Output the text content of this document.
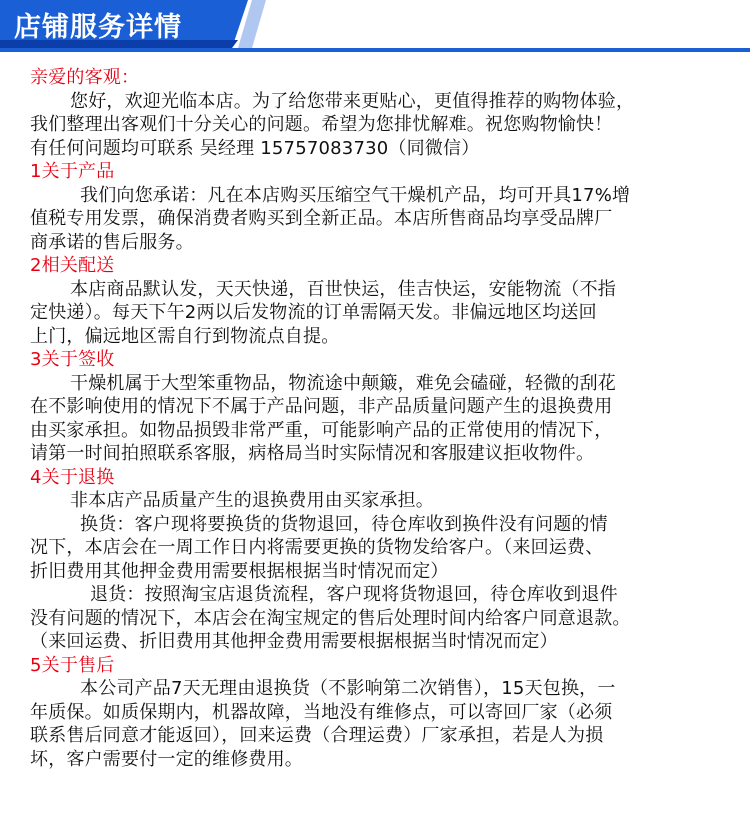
店铺服务详情
亲爱的客观：
您好，欢迎光临本店。为了给您带来更贴心，更值得推荐的购物体验，
我们整理出客观们十分关心的问题。希望为您排忧解难。祝您购物愉快！
有任何问题均可联系 吴经理 15757083730（同微信）
1关于产品
我们向您承诺：凡在本店购买压缩空气干燥机产品，均可开具17%增
值税专用发票，确保消费者购买到全新正品。本店所售商品均享受品牌厂
商承诺的售后服务。
2相关配送
本店商品默认发，天天快递，百世快运，佳吉快运，安能物流（不指
定快递）。每天下午2两以后发物流的订单需隔天发。非偏远地区均送回
上门，偏远地区需自行到物流点自提。
3关于签收
干燥机属于大型笨重物品，物流途中颠簸，难免会磕碰，轻微的刮花
在不影响使用的情况下不属于产品问题，非产品质量问题产生的退换费用
由买家承担。如物品损毁非常严重，可能影响产品的正常使用的情况下，
请第一时间拍照联系客服，病格局当时实际情况和客服建议拒收物件。
4关于退换
非本店产品质量产生的退换费用由买家承担。
换货：客户现将要换货的货物退回，待仓库收到换件没有问题的情
况下，本店会在一周工作日内将需要更换的货物发给客户。（来回运费、
折旧费用其他押金费用需要根据根据当时情况而定）
退货：按照淘宝店退货流程，客户现将货物退回，待仓库收到退件
没有问题的情况下，本店会在淘宝规定的售后处理时间内给客户同意退款。
（来回运费、折旧费用其他押金费用需要根据根据当时情况而定）
5关于售后
本公司产品7天无理由退换货（不影响第二次销售），15天包换，一
年质保。如质保期内，机器故障，当地没有维修点，可以寄回厂家（必须
联系售后同意才能返回），回来运费（合理运费）厂家承担，若是人为损
坏，客户需要付一定的维修费用。
